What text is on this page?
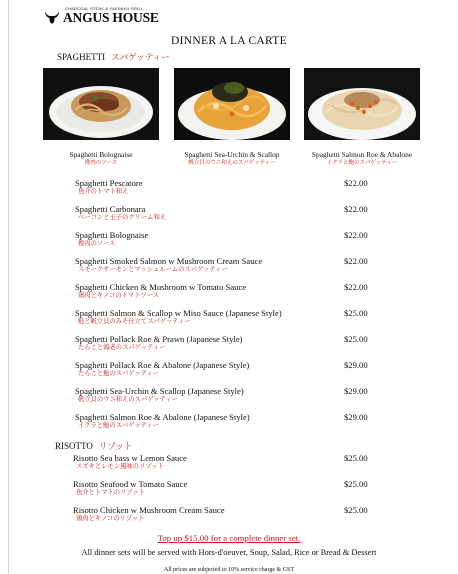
CHARCOAL STEAK & YAKINIKU GRILL
ANGUS HOUSE
DINNER A LA CARTE
SPAGHETTI スパゲッティー
Spaghetti Bolognaise
挽肉のソース
Spaghetti Sea-Urchin & Scallop
帆立貝のウニ和えのスパゲッティー
Spaghetti Salmon Roe & Abalone
イクラと鮑のスパゲッティー
Spaghetti Pescatore
魚介のトマト和え
$22.00
Spaghetti Carbonara
ベーコンと玉子のクリーム和え
$22.00
Spaghetti Bolognaise
挽肉のソース
$22.00
Spaghetti Smoked Salmon w Mushroom Cream Sauce
スモークサーモンとマッシュルームのスパゲッティー
$22.00
Spaghetti Chicken & Mushroom w Tomato Sauce
鶏肉とキノコのトマトソース
$22.00
Spaghetti Salmon & Scallop w Miso Sauce (Japanese Style)
鮭と帆立貝のみそ仕立てスパゲッティー
$25.00
Spaghetti Pollack Roe & Prawn (Japanese Style)
たらこと海老のスパゲッティー
$25.00
Spaghetti Pollack Roe & Abalone (Japanese Style)
たらこと鮑のスパゲッティー
$29.00
Spaghetti Sea-Urchin & Scallop (Japanese Style)
帆立貝のウニ和えのスパゲッティー
$29.00
Spaghetti Salmon Roe & Abalone (Japanese Style)
イクラと鮑のスパゲッティー
$29.00
RISOTTO リゾット
Risotto Sea bass w Lemon Sauce
スズキとレモン風味のリゾット
$25.00
Risotto Seafood w Tomato Sauce
魚介とトマトのリゾット
$25.00
Risotto Chicken w Mushroom Cream Sauce
鶏肉とキノコのリゾット
$25.00
Top up $15.00 for a complete dinner set.
All dinner sets will be served with Hors-d'oeuver, Soup, Salad, Rice or Bread & Dessert
All prices are subjected to 10% service charge & GST
